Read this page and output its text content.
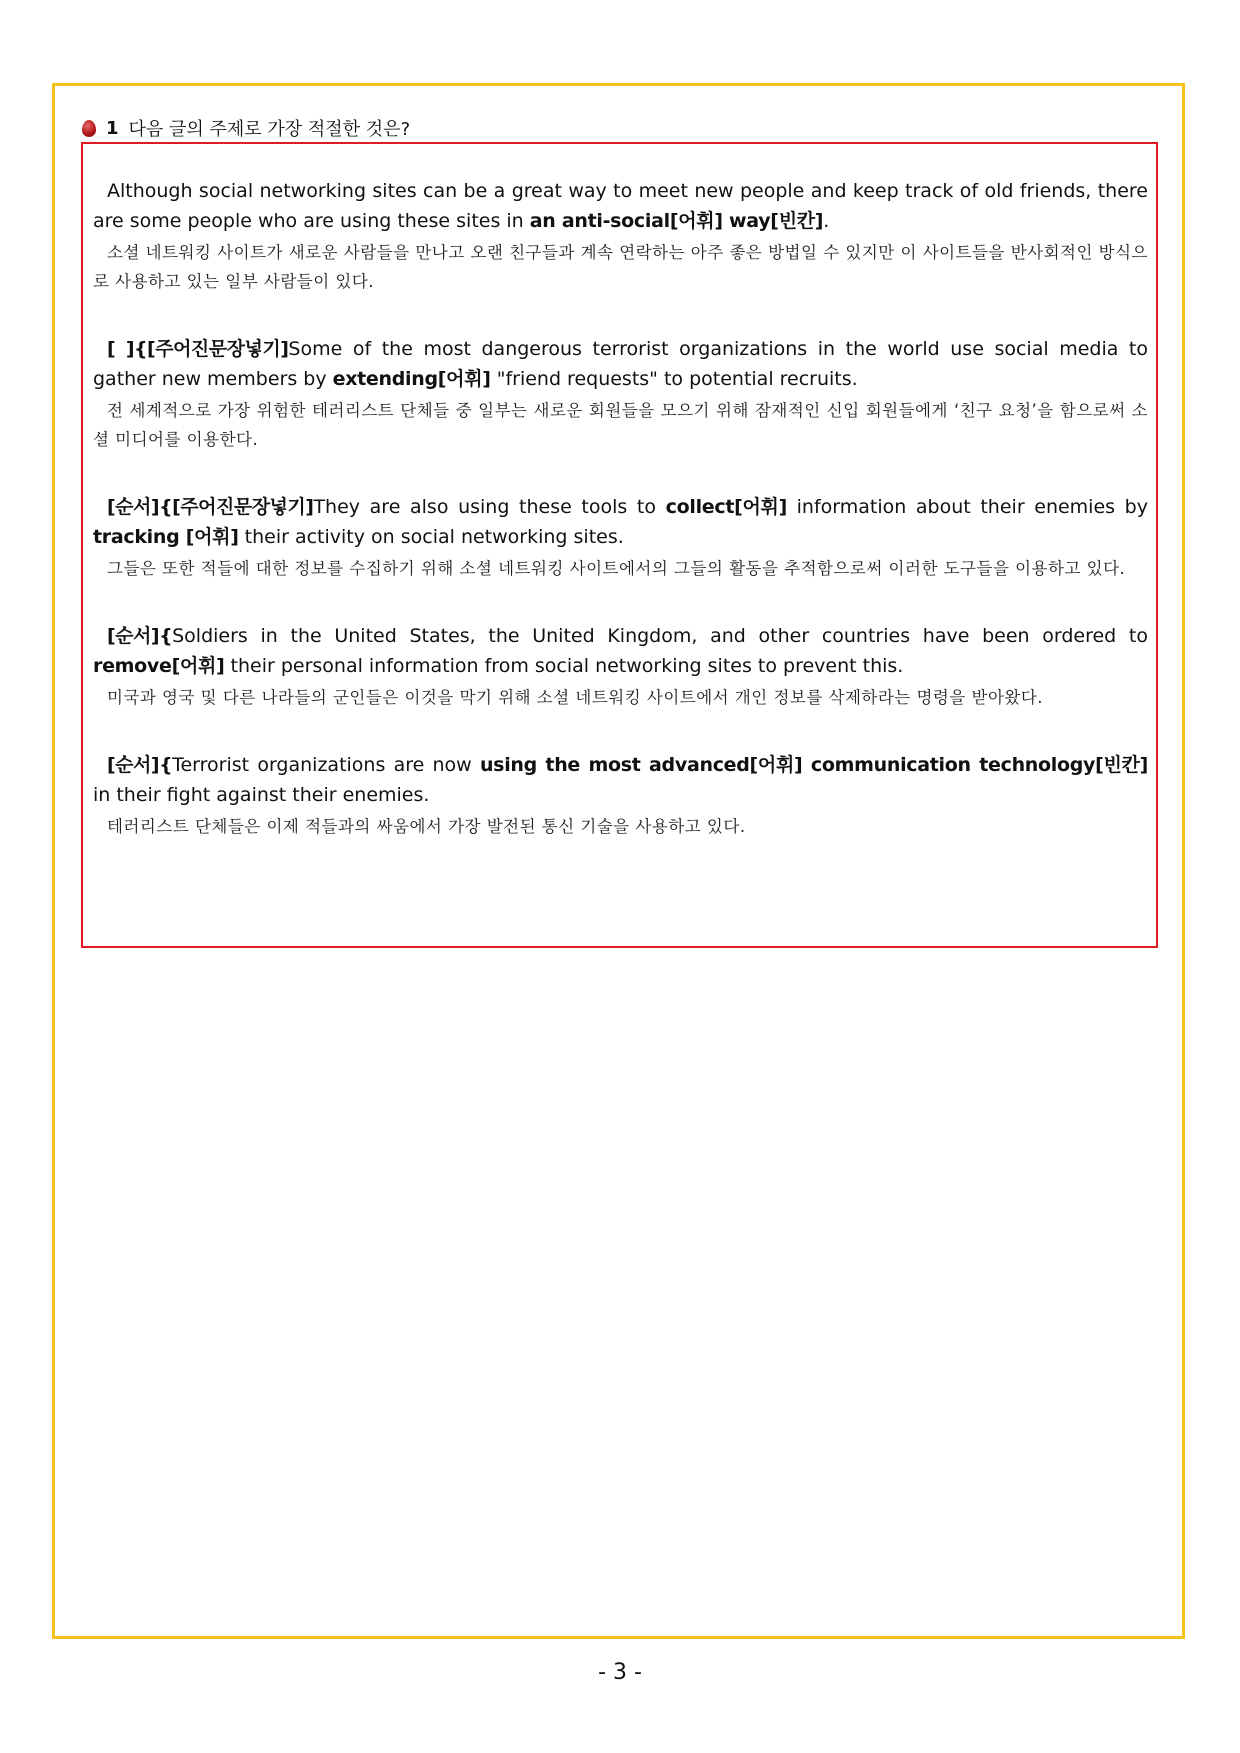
1 다음 글의 주제로 가장 적절한 것은?

Although social networking sites can be a great way to meet new people and keep track of old friends, there are some people who are using these sites in an anti-social[어휘] way[빈칸].

소셜 네트워킹 사이트가 새로운 사람들을 만나고 오랜 친구들과 계속 연락하는 아주 좋은 방법일 수 있지만 이 사이트들을 반사회적인 방식으로 사용하고 있는 일부 사람들이 있다.

[ ]{[주어진문장넣기]Some of the most dangerous terrorist organizations in the world use social media to gather new members by extending[어휘] "friend requests" to potential recruits.

전 세계적으로 가장 위험한 테러리스트 단체들 중 일부는 새로운 회원들을 모으기 위해 잠재적인 신입 회원들에게 ‘친구 요청’을 함으로써 소셜 미디어를 이용한다.

[순서]{[주어진문장넣기]They are also using these tools to collect[어휘] information about their enemies by tracking [어휘] their activity on social networking sites.

그들은 또한 적들에 대한 정보를 수집하기 위해 소셜 네트워킹 사이트에서의 그들의 활동을 추적함으로써 이러한 도구들을 이용하고 있다.

[순서]{Soldiers in the United States, the United Kingdom, and other countries have been ordered to remove[어휘] their personal information from social networking sites to prevent this.

미국과 영국 및 다른 나라들의 군인들은 이것을 막기 위해 소셜 네트워킹 사이트에서 개인 정보를 삭제하라는 명령을 받아왔다.

[순서]{Terrorist organizations are now using the most advanced[어휘] communication technology[빈칸] in their fight against their enemies.

테러리스트 단체들은 이제 적들과의 싸움에서 가장 발전된 통신 기술을 사용하고 있다.

- 3 -
